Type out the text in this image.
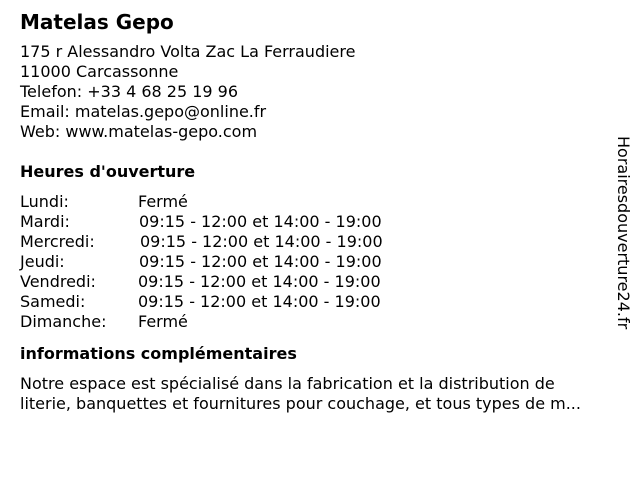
Matelas Gepo
175 r Alessandro Volta Zac La Ferraudiere
11000 Carcassonne
Telefon: +33 4 68 25 19 96
Email: matelas.gepo@online.fr
Web: www.matelas-gepo.com
Heures d'ouverture
Lundi:	Fermé
Mardi:	09:15 - 12:00 et 14:00 - 19:00
Mercredi:	09:15 - 12:00 et 14:00 - 19:00
Jeudi:	09:15 - 12:00 et 14:00 - 19:00
Vendredi:	09:15 - 12:00 et 14:00 - 19:00
Samedi:	09:15 - 12:00 et 14:00 - 19:00
Dimanche: Fermé
informations complémentaires
Notre espace est spécialisé dans la fabrication et la distribution de
literie, banquettes et fournitures pour couchage, et tous types de m...
Horairesdouverture24.fr
